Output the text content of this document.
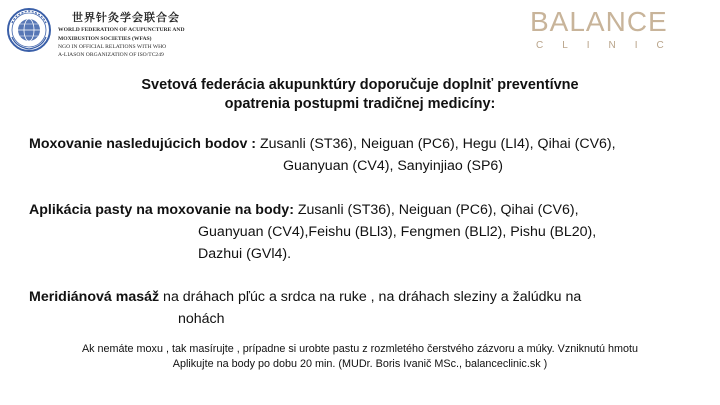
世界针灸学会联合会
WORLD FEDERATION OF ACUPUNCTURE AND
MOXIBUSTION SOCIETIES (WFAS)
NGO IN OFFICIAL RELATIONS WITH WHO
A-LIASON ORGANIZATION OF ISO/TC249
BALANCE
CLINIC
Svetová federácia akupunktúry doporučuje doplniť preventívne
opatrenia postupmi tradičnej medicíny:
Moxovanie nasledujúcich bodov : Zusanli (ST36), Neiguan (PC6), Hegu (LI4), Qihai (CV6),
Guanyuan (CV4), Sanyinjiao (SP6)
Aplikácia pasty na moxovanie na body: Zusanli (ST36), Neiguan (PC6), Qihai (CV6),
Guanyuan (CV4),Feishu (BLl3), Fengmen (BLl2), Pishu (BL20),
Dazhui (GVl4).
Meridiánová masáž na dráhach pľúc a srdca na ruke , na dráhach sleziny a žalúdku na
nohách
Ak nemáte moxu , tak masírujte , prípadne si urobte pastu z rozmletého čerstvého zázvoru a múky. Vzniknutú hmotu
Aplikujte na body po dobu 20 min. (MUDr. Boris Ivanič MSc., balanceclinic.sk )
